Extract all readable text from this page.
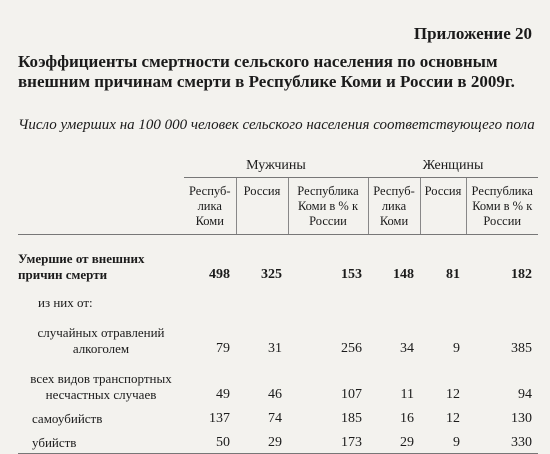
Приложение 20
Коэффициенты смертности сельского населения по основным внешним причинам смерти в Республике Коми и России в 2009г.
Число умерших на 100 000 человек сельского населения соответствующего пола
	Мужчины			Женщины		
	Респуб-лика Коми	Россия	Республика Коми в % к России	Респуб-лика Коми	Россия	Республика Коми в % к России
Умершие от внешних причин смерти	498	325	153	148	81	182
из них от:						
случайных отравлений алкоголем	79	31	256	34	9	385
всех видов транспортных несчастных случаев	49	46	107	11	12	94
самоубийств	137	74	185	16	12	130
убийств	50	29	173	29	9	330
